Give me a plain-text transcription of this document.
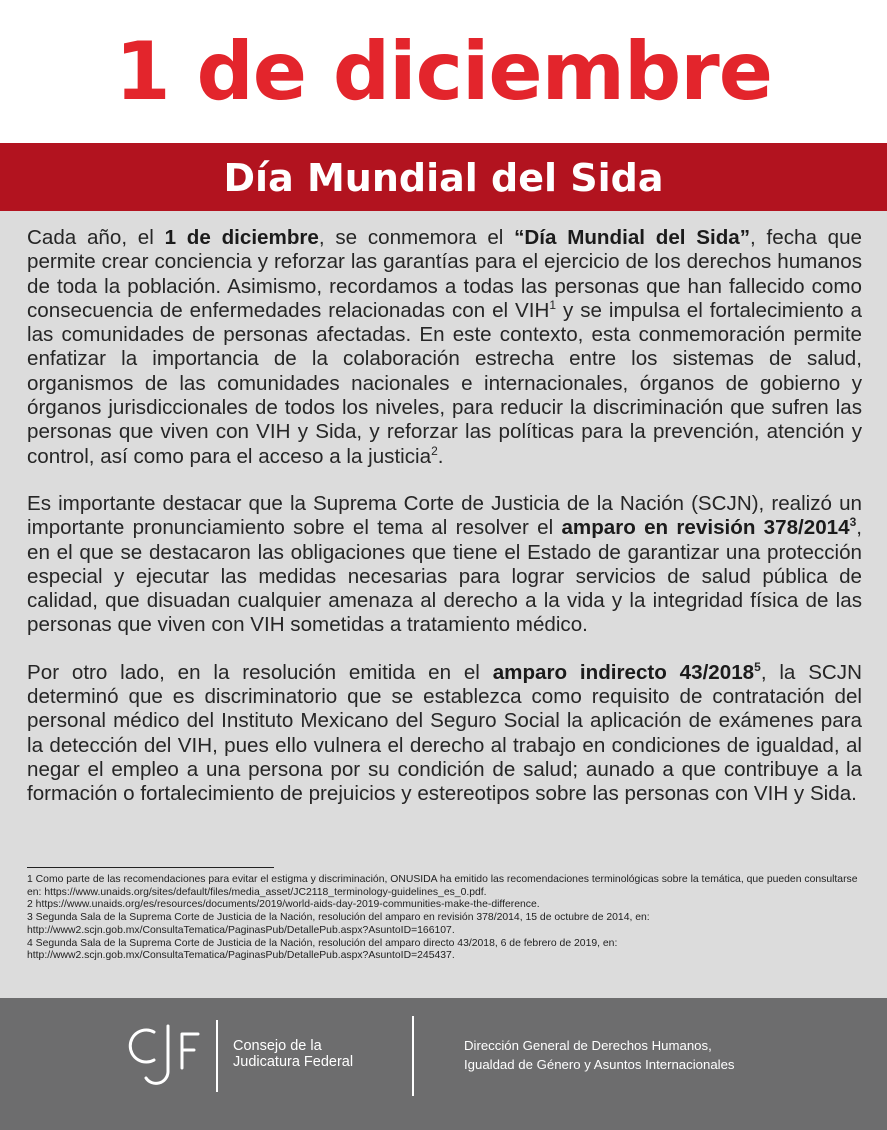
1 de diciembre
Día Mundial del Sida

Cada año, el 1 de diciembre, se conmemora el “Día Mundial del Sida”, fecha que permite crear conciencia y reforzar las garantías para el ejercicio de los derechos humanos de toda la población. Asimismo, recordamos a todas las personas que han fallecido como consecuencia de enfermedades relacionadas con el VIH$^1$ y se impulsa el fortalecimiento a las comunidades de personas afectadas. En este contexto, esta conmemoración permite enfatizar la importancia de la colaboración estrecha entre los sistemas de salud, organismos de las comunidades nacionales e internacionales, órganos de gobierno y órganos jurisdiccionales de todos los niveles, para reducir la discriminación que sufren las personas que viven con VIH y Sida, y reforzar las políticas para la prevención, atención y control, así como para el acceso a la justicia$^2$.

Es importante destacar que la Suprema Corte de Justicia de la Nación (SCJN), realizó un importante pronunciamiento sobre el tema al resolver el amparo en revisión 378/2014$^3$, en el que se destacaron las obligaciones que tiene el Estado de garantizar una protección especial y ejecutar las medidas necesarias para lograr servicios de salud pública de calidad, que disuadan cualquier amenaza al derecho a la vida y la integridad física de las personas que viven con VIH sometidas a tratamiento médico.

Por otro lado, en la resolución emitida en el amparo indirecto 43/2018$^5$, la SCJN determinó que es discriminatorio que se establezca como requisito de contratación del personal médico del Instituto Mexicano del Seguro Social la aplicación de exámenes para la detección del VIH, pues ello vulnera el derecho al trabajo en condiciones de igualdad, al negar el empleo a una persona por su condición de salud; aunado a que contribuye a la formación o fortalecimiento de prejuicios y estereotipos sobre las personas con VIH y Sida.

1 Como parte de las recomendaciones para evitar el estigma y discriminación, ONUSIDA ha emitido las recomendaciones terminológicas sobre la temática, que pueden consultarse en: https://www.unaids.org/sites/default/files/media_asset/JC2118_terminology-guidelines_es_0.pdf.

2 https://www.unaids.org/es/resources/documents/2019/world-aids-day-2019-communities-make-the-difference.

3 Segunda Sala de la Suprema Corte de Justicia de la Nación, resolución del amparo en revisión 378/2014, 15 de octubre de 2014, en: http://www2.scjn.gob.mx/ConsultaTematica/PaginasPub/DetallePub.aspx?AsuntoID=166107.

4 Segunda Sala de la Suprema Corte de Justicia de la Nación, resolución del amparo directo 43/2018, 6 de febrero de 2019, en: http://www2.scjn.gob.mx/ConsultaTematica/PaginasPub/DetallePub.aspx?AsuntoID=245437.

Consejo de la
Judicatura Federal
Dirección General de Derechos Humanos,
Igualdad de Género y Asuntos Internacionales
